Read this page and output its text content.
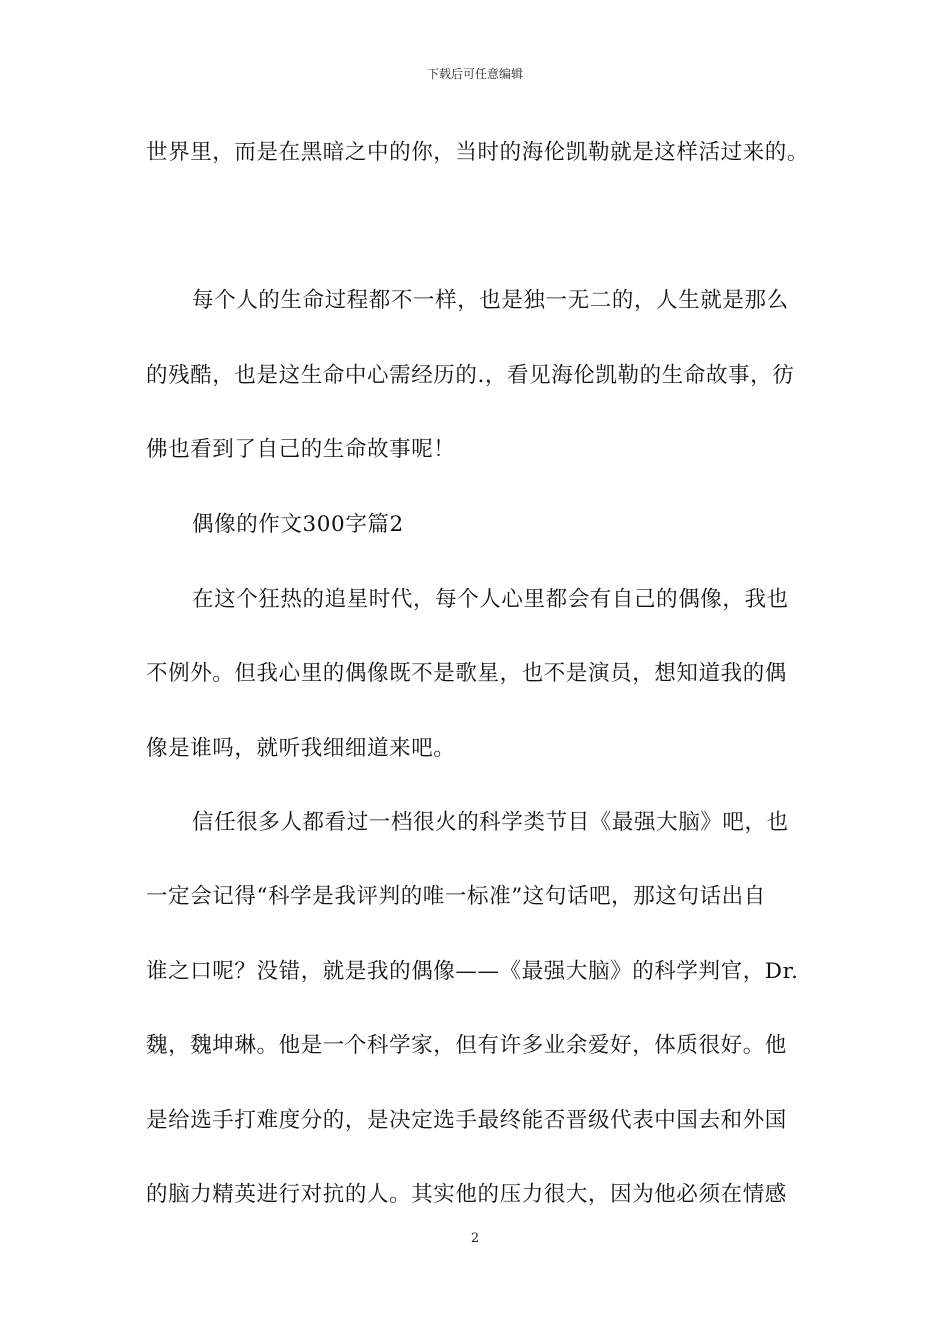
下载后可任意编辑
世界里，而是在黑暗之中的你，当时的海伦凯勒就是这样活过来的。
每个人的生命过程都不一样，也是独一无二的，人生就是那么
的残酷，也是这生命中心需经历的.，看见海伦凯勒的生命故事，彷
佛也看到了自己的生命故事呢！
偶像的作文300字篇2
在这个狂热的追星时代，每个人心里都会有自己的偶像，我也
不例外。但我心里的偶像既不是歌星，也不是演员，想知道我的偶
像是谁吗，就听我细细道来吧。
信任很多人都看过一档很火的科学类节目《最强大脑》吧，也
一定会记得“科学是我评判的唯一标准”这句话吧，那这句话出自
谁之口呢？没错，就是我的偶像——《最强大脑》的科学判官，Dr.
魏，魏坤琳。他是一个科学家，但有许多业余爱好，体质很好。他
是给选手打难度分的，是决定选手最终能否晋级代表中国去和外国
的脑力精英进行对抗的人。其实他的压力很大，因为他必须在情感
2
